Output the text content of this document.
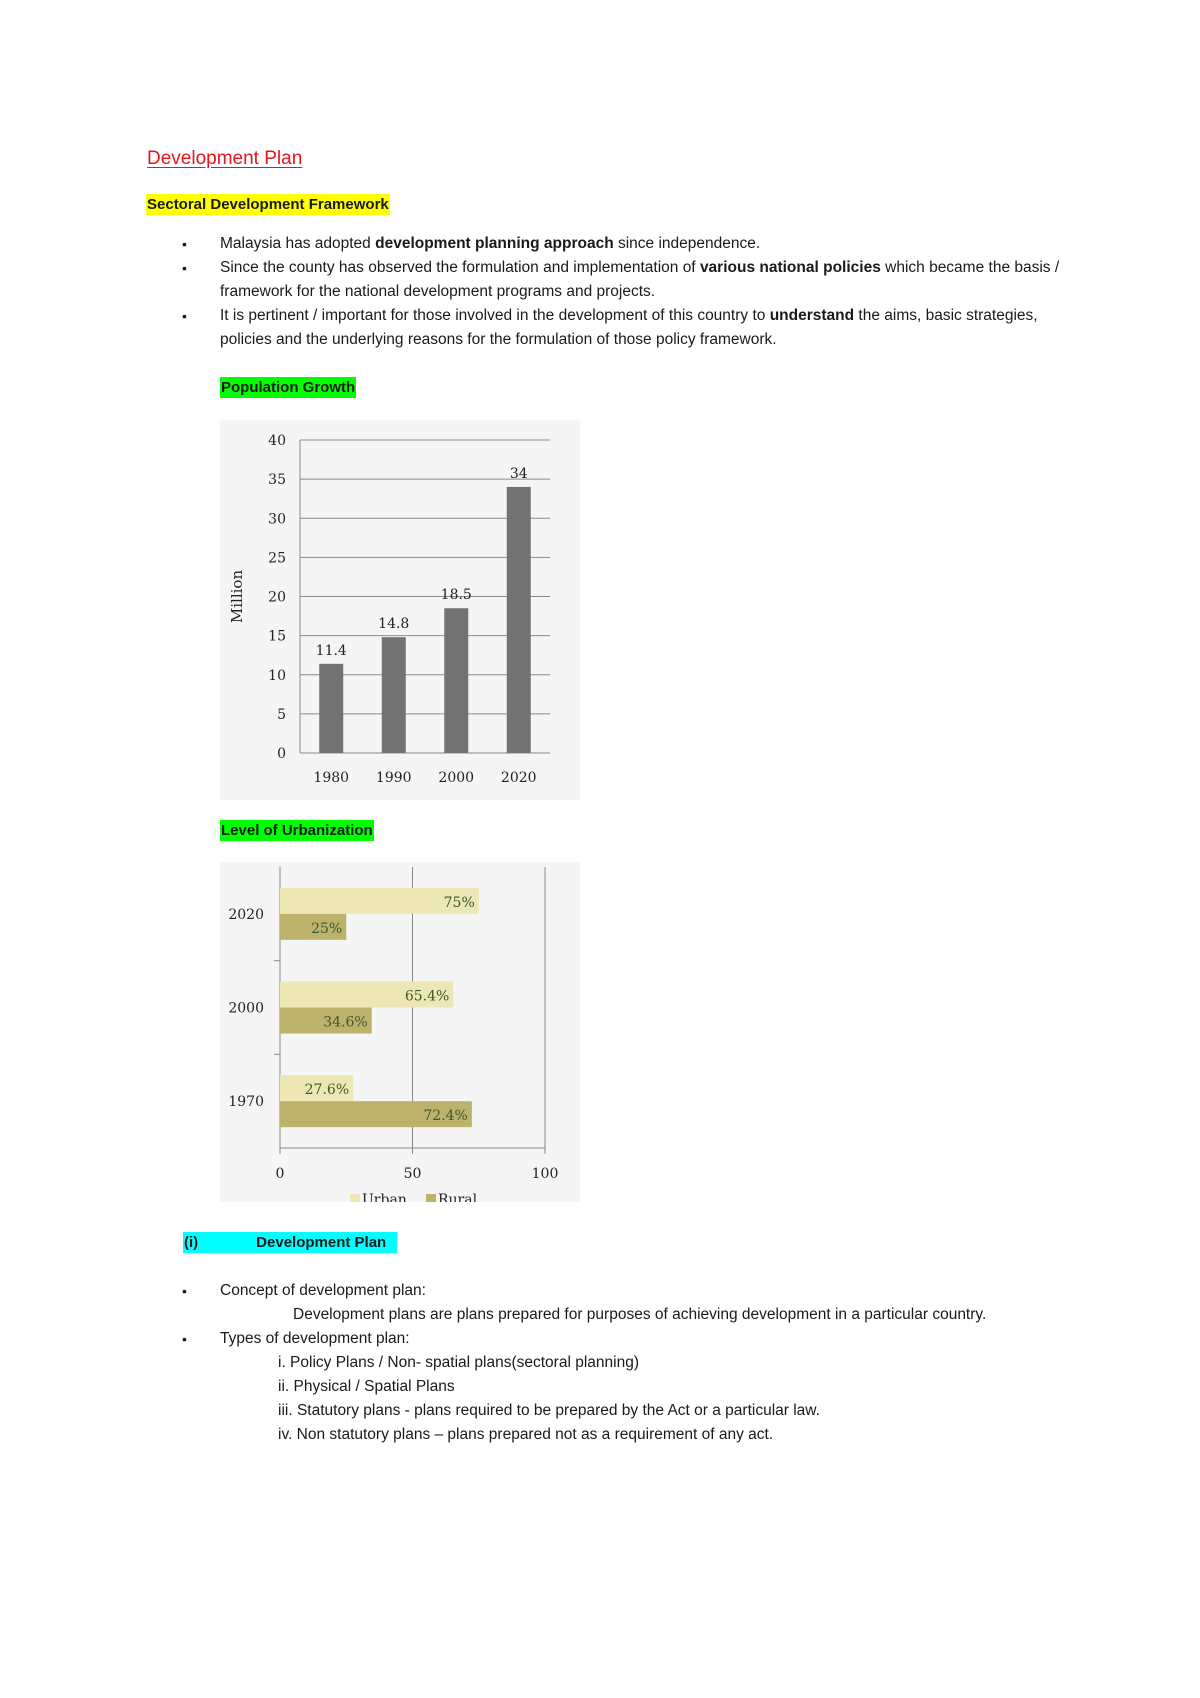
Development Plan
Sectoral Development Framework
• Malaysia has adopted development planning approach since independence.
• Since the county has observed the formulation and implementation of various national policies which became the basis / framework for the national development programs and projects.
• It is pertinent / important for those involved in the development of this country to understand the aims, basic strategies, policies and the underlying reasons for the formulation of those policy framework.
Population Growth
0
5
10
15
20
25
30
35
40
11.4
1980
14.8
1990
18.5
2000
34
2020
Million
Level of Urbanization
0	50	100
2020
75%
25%
2000
65.4%
34.6%
1970
27.6%
72.4%
Urban Rural
(i)	Development Plan
• Concept of development plan:

Development plans are plans prepared for purposes of achieving development in a particular country.

• Types of development plan:

i. Policy Plans / Non- spatial plans(sectoral planning)

ii. Physical / Spatial Plans

iii. Statutory plans - plans required to be prepared by the Act or a particular law.

iv. Non statutory plans – plans prepared not as a requirement of any act.
